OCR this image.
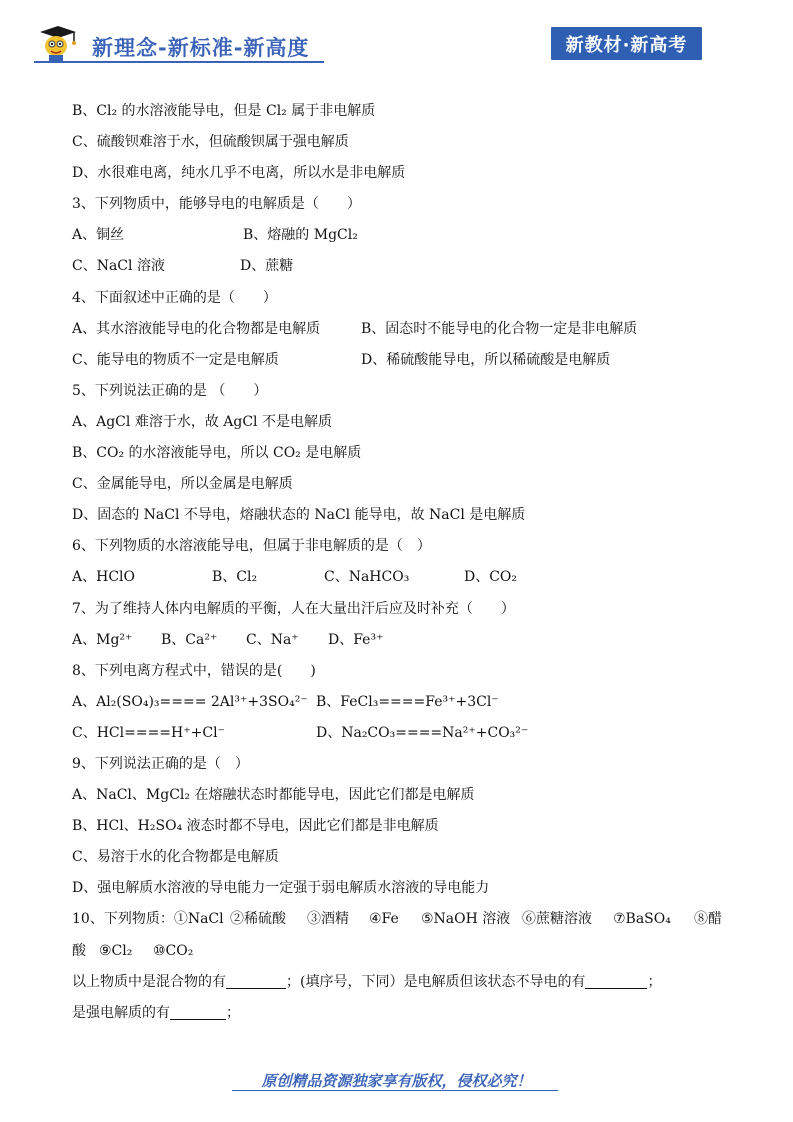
新理念-新标准-新高度	新教材·新高考
B、Cl₂ 的水溶液能导电，但是 Cl₂ 属于非电解质
C、硫酸钡难溶于水，但硫酸钡属于强电解质
D、水很难电离，纯水几乎不电离，所以水是非电解质
3、下列物质中，能够导电的电解质是（　　）
A、铜丝	B、熔融的 MgCl₂
C、NaCl 溶液	D、蔗糖
4、下面叙述中正确的是（　　）
A、其水溶液能导电的化合物都是电解质	B、固态时不能导电的化合物一定是非电解质
C、能导电的物质不一定是电解质	D、稀硫酸能导电，所以稀硫酸是电解质
5、下列说法正确的是 （　　）
A、AgCl 难溶于水，故 AgCl 不是电解质
B、CO₂ 的水溶液能导电，所以 CO₂ 是电解质
C、金属能导电，所以金属是电解质
D、固态的 NaCl 不导电，熔融状态的 NaCl 能导电，故 NaCl 是电解质
6、下列物质的水溶液能导电，但属于非电解质的是（　）
A、HClO	B、Cl₂	C、NaHCO₃	D、CO₂
7、为了维持人体内电解质的平衡，人在大量出汗后应及时补充（　　）
A、Mg²⁺ B、Ca²⁺ C、Na⁺ D、Fe³⁺
8、下列电离方程式中，错误的是(　　)
A、Al₂(SO₄)₃==== 2Al³⁺+3SO₄²⁻ B、FeCl₃====Fe³⁺+3Cl⁻
C、HCl====H⁺+Cl⁻	D、Na₂CO₃====Na²⁺+CO₃²⁻
9、下列说法正确的是（　）
A、NaCl、MgCl₂ 在熔融状态时都能导电，因此它们都是电解质
B、HCl、H₂SO₄ 液态时都不导电，因此它们都是非电解质
C、易溶于水的化合物都是电解质
D、强电解质水溶液的导电能力一定强于弱电解质水溶液的导电能力
10、下列物质：①NaCl ②稀硫酸 ③酒精 ④Fe ⑤NaOH 溶液 ⑥蔗糖溶液 ⑦BaSO₄ ⑧醋
酸 ⑨Cl₂ ⑩CO₂
以上物质中是混合物的有	；(填序号，下同）是电解质但该状态不导电的有	；
是强电解质的有	；
原创精品资源独家享有版权，侵权必究！
